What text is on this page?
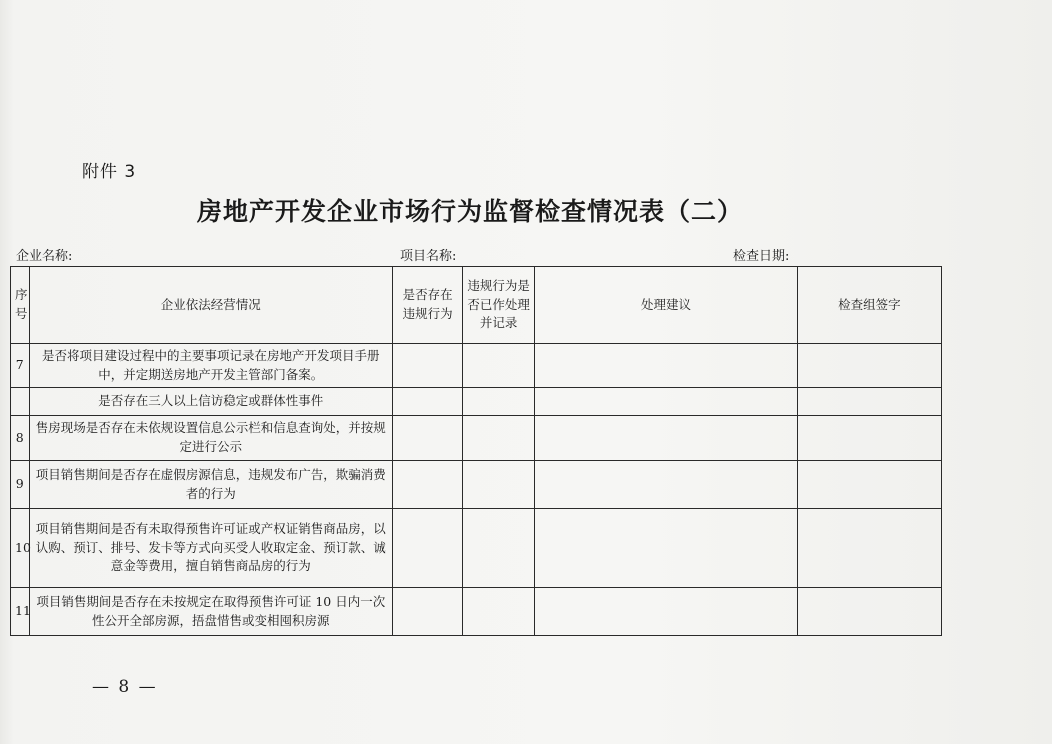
附件 3
房地产开发企业市场行为监督检查情况表（二）
企业名称:	项目名称:	检查日期:
序号	企业依法经营情况	是否存在违规行为	违规行为是否已作处理并记录	处理建议	检查组签字
7	是否将项目建设过程中的主要事项记录在房地产开发项目手册中，并定期送房地产开发主管部门备案。				
	是否存在三人以上信访稳定或群体性事件				
8	售房现场是否存在未依规设置信息公示栏和信息查询处，并按规定进行公示				
9	项目销售期间是否存在虚假房源信息，违规发布广告，欺骗消费者的行为				
10	项目销售期间是否有未取得预售许可证或产权证销售商品房，以认购、预订、排号、发卡等方式向买受人收取定金、预订款、诚意金等费用，擅自销售商品房的行为				
11	项目销售期间是否存在未按规定在取得预售许可证 10 日内一次性公开全部房源，捂盘惜售或变相囤积房源				
— 8 —
